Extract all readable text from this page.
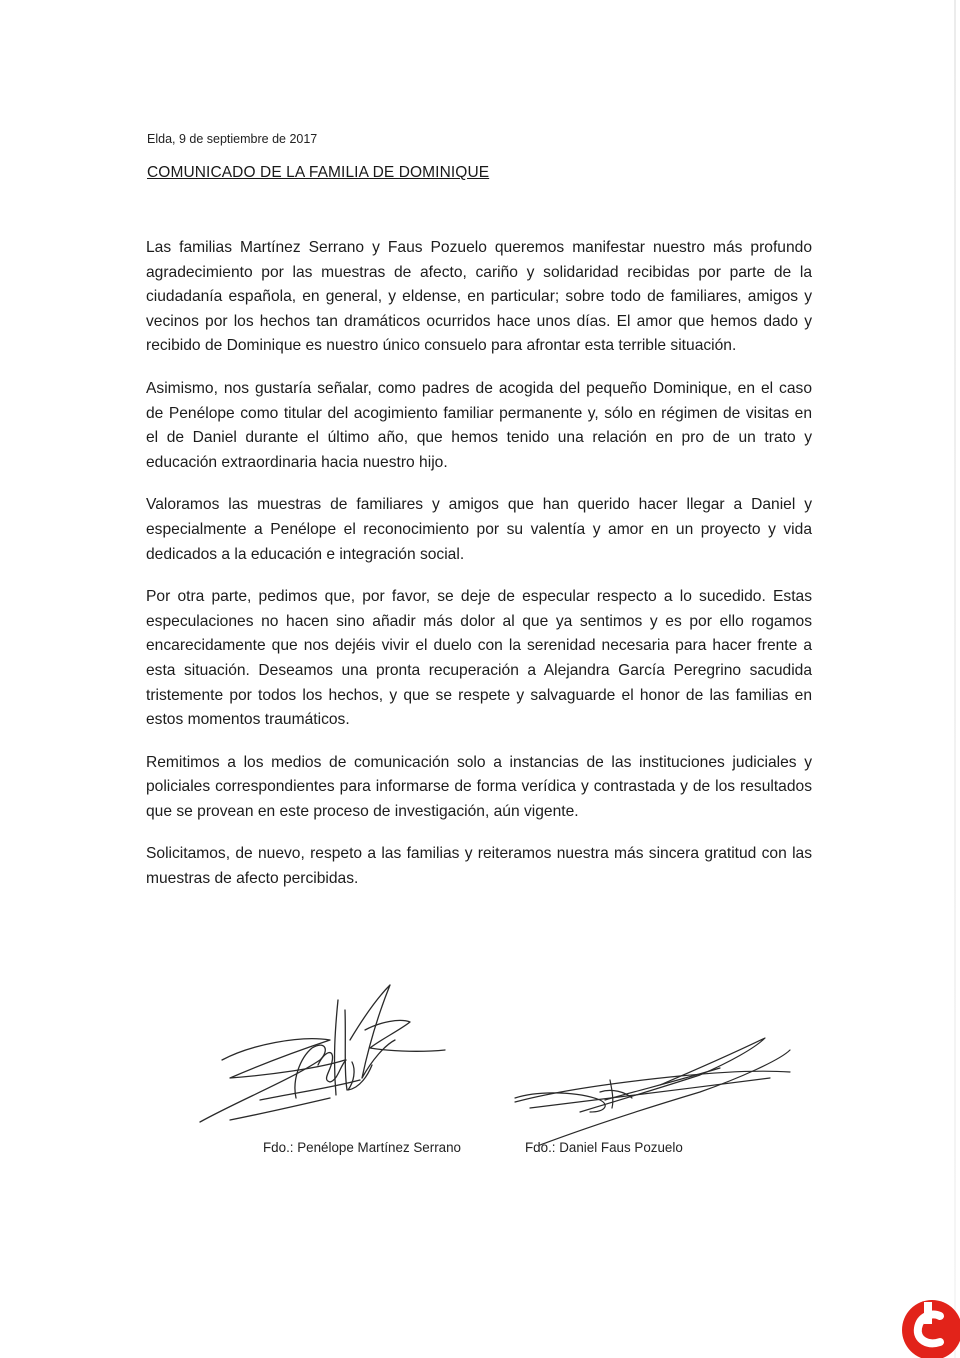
Elda, 9 de septiembre de 2017
COMUNICADO DE LA FAMILIA DE DOMINIQUE

Las familias Martínez Serrano y Faus Pozuelo queremos manifestar nuestro más profundo agradecimiento por las muestras de afecto, cariño y solidaridad recibidas por parte de la ciudadanía española, en general, y eldense, en particular; sobre todo de familiares, amigos y vecinos por los hechos tan dramáticos ocurridos hace unos días. El amor que hemos dado y recibido de Dominique es nuestro único consuelo para afrontar esta terrible situación.

Asimismo, nos gustaría señalar, como padres de acogida del pequeño Dominique, en el caso de Penélope como titular del acogimiento familiar permanente y, sólo en régimen de visitas en el de Daniel durante el último año, que hemos tenido una relación en pro de un trato y educación extraordinaria hacia nuestro hijo.

Valoramos las muestras de familiares y amigos que han querido hacer llegar a Daniel y especialmente a Penélope el reconocimiento por su valentía y amor en un proyecto y vida dedicados a la educación e integración social.

Por otra parte, pedimos que, por favor, se deje de especular respecto a lo sucedido. Estas especulaciones no hacen sino añadir más dolor al que ya sentimos y es por ello rogamos encarecidamente que nos dejéis vivir el duelo con la serenidad necesaria para hacer frente a esta situación. Deseamos una pronta recuperación a Alejandra García Peregrino sacudida tristemente por todos los hechos, y que se respete y salvaguarde el honor de las familias en estos momentos traumáticos.

Remitimos a los medios de comunicación solo a instancias de las instituciones judiciales y policiales correspondientes para informarse de forma verídica y contrastada y de los resultados que se provean en este proceso de investigación, aún vigente.

Solicitamos, de nuevo, respeto a las familias y reiteramos nuestra más sincera gratitud con las muestras de afecto percibidas.

Fdo.: Penélope Martínez Serrano	Fdo.: Daniel Faus Pozuelo
